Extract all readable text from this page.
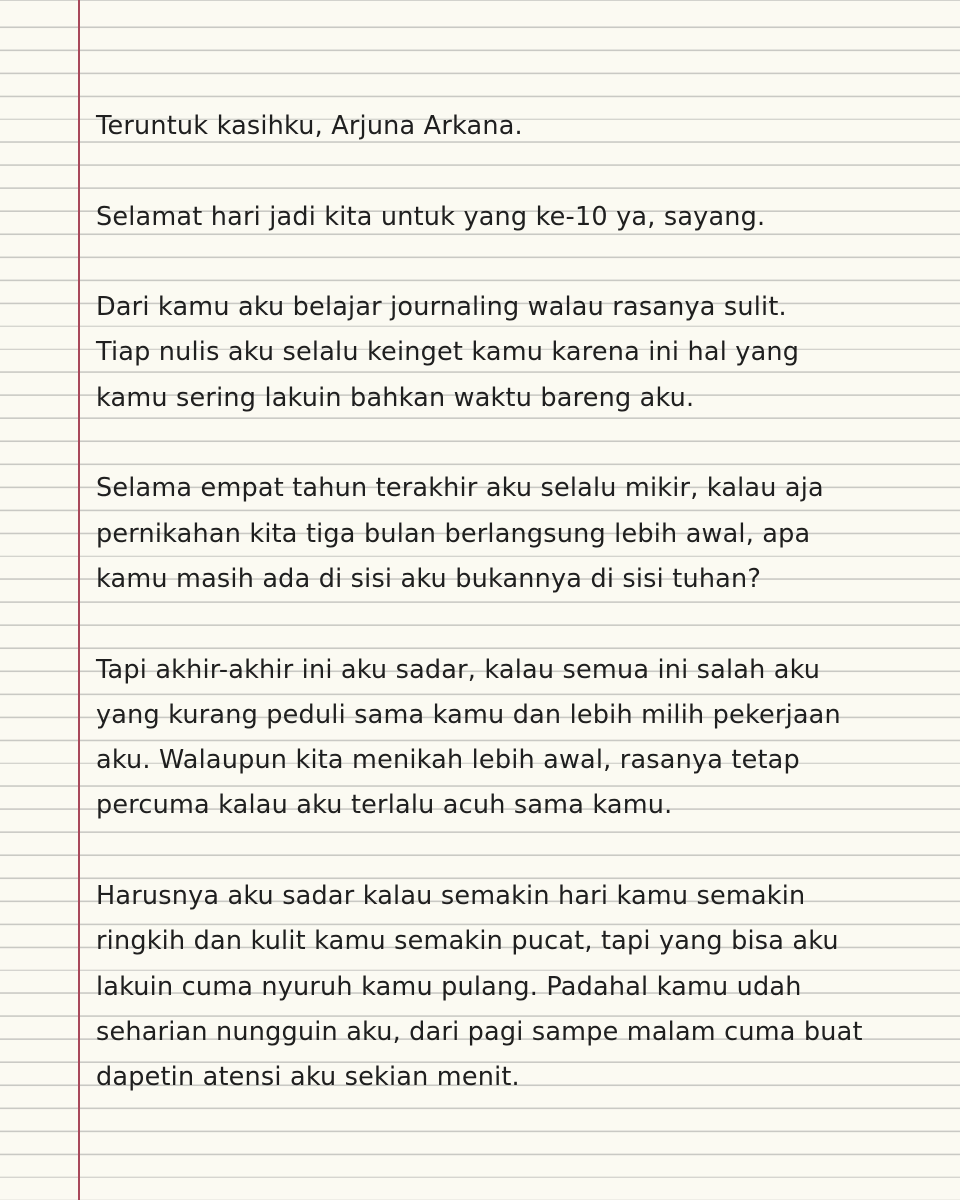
Teruntuk kasihku, Arjuna Arkana.
Selamat hari jadi kita untuk yang ke-10 ya, sayang.
Dari kamu aku belajar journaling walau rasanya sulit.
Tiap nulis aku selalu keinget kamu karena ini hal yang
kamu sering lakuin bahkan waktu bareng aku.
Selama empat tahun terakhir aku selalu mikir, kalau aja
pernikahan kita tiga bulan berlangsung lebih awal, apa
kamu masih ada di sisi aku bukannya di sisi tuhan?
Tapi akhir-akhir ini aku sadar, kalau semua ini salah aku
yang kurang peduli sama kamu dan lebih milih pekerjaan
aku. Walaupun kita menikah lebih awal, rasanya tetap
percuma kalau aku terlalu acuh sama kamu.
Harusnya aku sadar kalau semakin hari kamu semakin
ringkih dan kulit kamu semakin pucat, tapi yang bisa aku
lakuin cuma nyuruh kamu pulang. Padahal kamu udah
seharian nungguin aku, dari pagi sampe malam cuma buat
dapetin atensi aku sekian menit.
